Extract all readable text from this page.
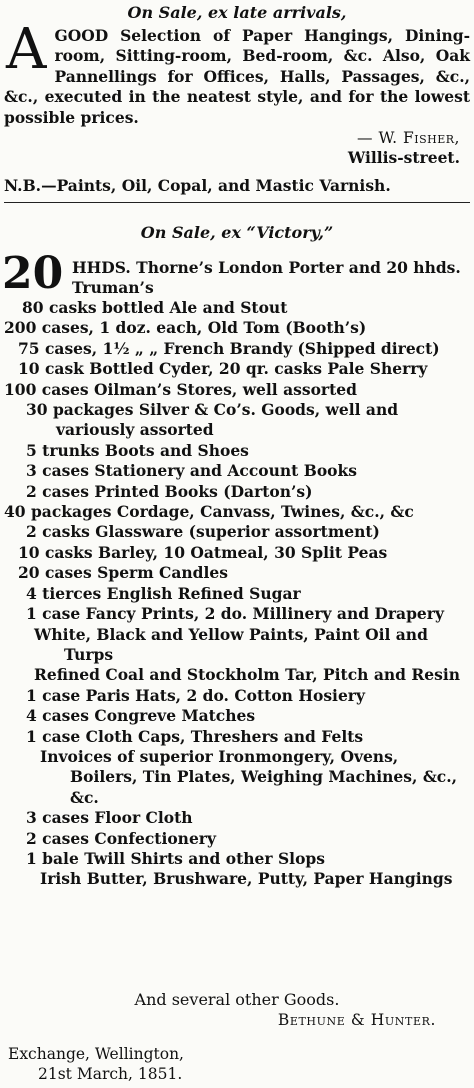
On Sale, ex late arrivals,
A GOOD Selection of Paper Hangings, Dining-room, Sitting-room, Bed-room, &c. Also, Oak Pannellings for Offices, Halls, Passages, &c., &c., executed in the neatest style, and for the lowest possible prices.
— W. Fisher,
Willis-street.
N.B.—Paints, Oil, Copal, and Mastic Varnish.
On Sale, ex “Victory,”
20 HHDS. Thorne’s London Porter and 20 hhds. Truman’s
80 casks bottled Ale and Stout
200 cases, 1 doz. each, Old Tom (Booth’s)
75 cases, 1½ „ „ French Brandy (Shipped direct)
10 cask Bottled Cyder, 20 qr. casks Pale Sherry
100 cases Oilman’s Stores, well assorted
30 packages Silver & Co’s. Goods, well and variously assorted
5 trunks Boots and Shoes
3 cases Stationery and Account Books
2 cases Printed Books (Darton’s)
40 packages Cordage, Canvass, Twines, &c., &c
2 casks Glassware (superior assortment)
10 casks Barley, 10 Oatmeal, 30 Split Peas
20 cases Sperm Candles
4 tierces English Refined Sugar
1 case Fancy Prints, 2 do. Millinery and Drapery
White, Black and Yellow Paints, Paint Oil and Turps
Refined Coal and Stockholm Tar, Pitch and Resin
1 case Paris Hats, 2 do. Cotton Hosiery
4 cases Congreve Matches
1 case Cloth Caps, Threshers and Felts
Invoices of superior Ironmongery, Ovens, Boilers, Tin Plates, Weighing Machines, &c., &c.
3 cases Floor Cloth
2 cases Confectionery
1 bale Twill Shirts and other Slops
Irish Butter, Brushware, Putty, Paper Hangings
And several other Goods.
Bethune & Hunter.
Exchange, Wellington,
21st March, 1851.
